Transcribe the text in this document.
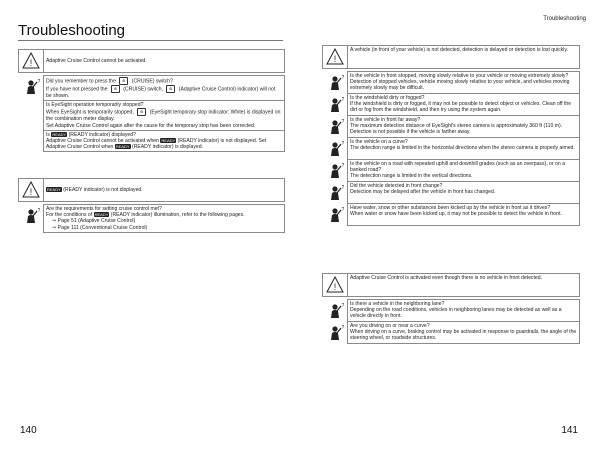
Troubleshooting
	Adaptive Cruise Control cannot be activated.

Did you remember to press the ⊛ (CRUISE) switch?
If you have not pressed the ⊛ (CRUISE) switch, ⊛ (Adaptive Cruise Control) indicator) will not be shown.

	Is EyeSight operation temporarily stopped?
When EyeSight is temporarily stopped, ⊛ (EyeSight temporary stop indicator: White) is displayed on the combination meter display.
Set Adaptive Cruise Control again after the cause for the temporary stop has been corrected.

	Is READY (READY indicator) displayed?
Adaptive Cruise Control cannot be activated when READY (READY indicator) is not displayed. Set Adaptive Cruise Control when READY (READY indicator) is displayed.
	READY (READY indicator) is not displayed.

Are the requirements for setting cruise control met?
For the conditions of READY (READY indicator) illumination, refer to the following pages.
⇒ Page 51 (Adaptive Cruise Control)
⇒ Page 111 (Conventional Cruise Control)
140
Troubleshooting
	A vehicle (in front of your vehicle) is not detected, detection is delayed or detection is lost quickly.

Is the vehicle in front stopped, moving slowly relative to your vehicle or moving extremely slowly?
Detection of stopped vehicles, vehicle moving slowly relative to your vehicle, and vehicles moving extremely slowly may be difficult.

Is the windshield dirty or fogged?
If the windshield is dirty or fogged, it may not be possible to detect object or vehicles. Clean off the dirt or fog from the windshield, and then try using the system again.

Is the vehicle in front far away?
The maximum detection distance of EyeSight's stereo camera is approximately 360 ft (110 m). Detection is not possible if the vehicle is farther away.

Is the vehicle on a curve?
The detection range is limited in the horizontal directions when the stereo camera is properly aimed.

Is the vehicle on a road with repeated uphill and downhill grades (such as an overpass), or on a banked road?
The detection range is limited in the vertical directions.

Did the vehicle detected in front change?
Detection may be delayed after the vehicle in front has changed.

Have water, snow or other substances been kicked up by the vehicle in front as it drives?
When water or snow have been kicked up, it may not be possible to detect the vehicle in front.
	Adaptive Cruise Control is activated even though there is no vehicle in front detected.

Is there a vehicle in the neighboring lane?
Depending on the road conditions, vehicles in neighboring lanes may be detected as well as a vehicle directly in front.

Are you driving on or near a curve?
When driving on a curve, braking control may be activated in response to guardrails, the angle of the steering wheel, or roadside structures.
141
